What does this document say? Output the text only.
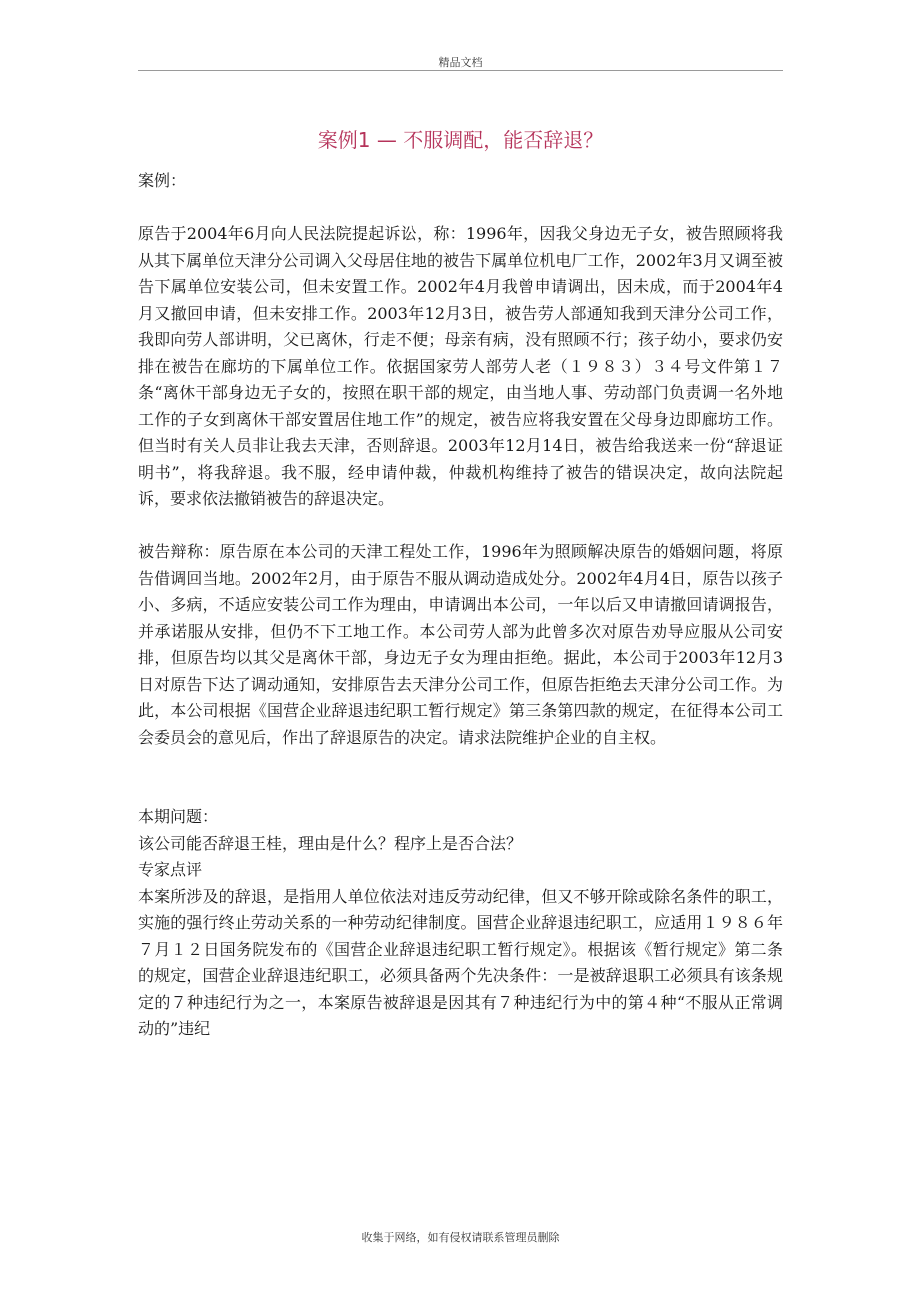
精品文档
案例1 — 不服调配，能否辞退？

案例：

原告于2004年6月向人民法院提起诉讼，称：1996年，因我父身边无子女，被告照顾将我从其下属单位天津分公司调入父母居住地的被告下属单位机电厂工作，2002年3月又调至被告下属单位安装公司，但未安置工作。2002年4月我曾申请调出，因未成，而于2004年4月又撤回申请，但未安排工作。2003年12月3日，被告劳人部通知我到天津分公司工作，我即向劳人部讲明，父已离休，行走不便；母亲有病，没有照顾不行；孩子幼小，要求仍安排在被告在廊坊的下属单位工作。依据国家劳人部劳人老（１９８３）３４号文件第１７条“离休干部身边无子女的，按照在职干部的规定，由当地人事、劳动部门负责调一名外地工作的子女到离休干部安置居住地工作”的规定，被告应将我安置在父母身边即廊坊工作。但当时有关人员非让我去天津，否则辞退。2003年12月14日，被告给我送来一份“辞退证明书”，将我辞退。我不服，经申请仲裁，仲裁机构维持了被告的错误决定，故向法院起诉，要求依法撤销被告的辞退决定。

被告辩称：原告原在本公司的天津工程处工作，1996年为照顾解决原告的婚姻问题，将原告借调回当地。2002年2月，由于原告不服从调动造成处分。2002年4月4日，原告以孩子小、多病，不适应安装公司工作为理由，申请调出本公司，一年以后又申请撤回请调报告，并承诺服从安排，但仍不下工地工作。本公司劳人部为此曾多次对原告劝导应服从公司安排，但原告均以其父是离休干部，身边无子女为理由拒绝。据此，本公司于2003年12月3日对原告下达了调动通知，安排原告去天津分公司工作，但原告拒绝去天津分公司工作。为此，本公司根据《国营企业辞退违纪职工暂行规定》第三条第四款的规定，在征得本公司工会委员会的意见后，作出了辞退原告的决定。请求法院维护企业的自主权。

本期问题：

该公司能否辞退王桂，理由是什么？程序上是否合法？

专家点评

本案所涉及的辞退，是指用人单位依法对违反劳动纪律，但又不够开除或除名条件的职工，实施的强行终止劳动关系的一种劳动纪律制度。国营企业辞退违纪职工，应适用１９８６年７月１２日国务院发布的《国营企业辞退违纪职工暂行规定》。根据该《暂行规定》第二条的规定，国营企业辞退违纪职工，必须具备两个先决条件：一是被辞退职工必须具有该条规定的７种违纪行为之一，本案原告被辞退是因其有７种违纪行为中的第４种“不服从正常调动的”违纪

收集于网络，如有侵权请联系管理员删除
